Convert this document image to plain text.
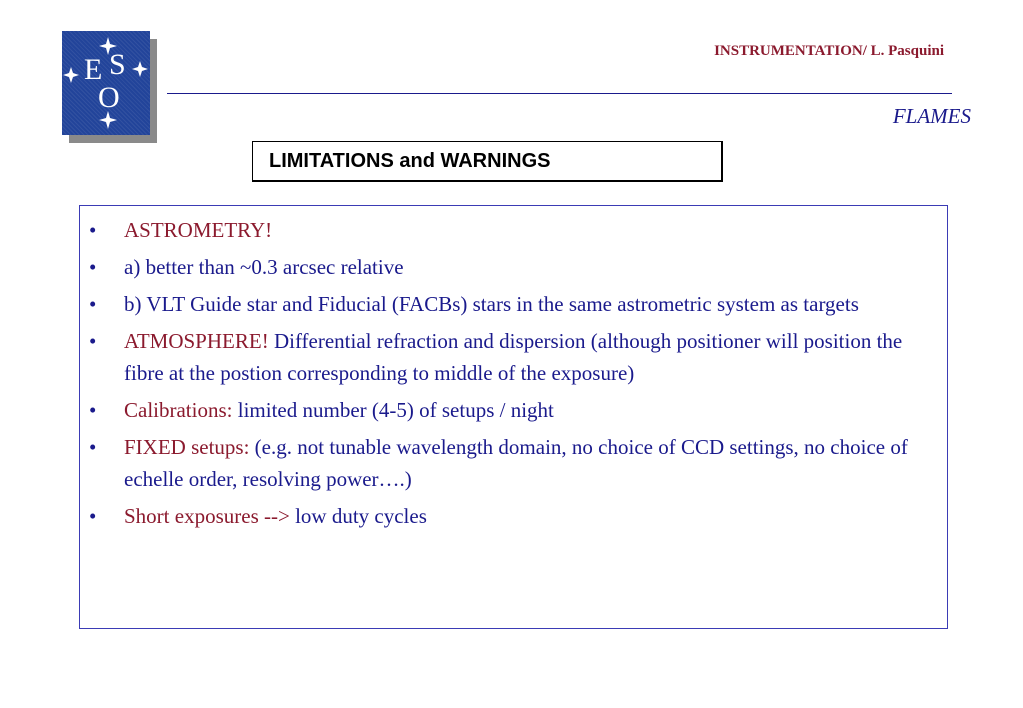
E S
O
INSTRUMENTATION/ L. Pasquini
FLAMES
LIMITATIONS and WARNINGS
• ASTROMETRY!
• a) better than ~0.3 arcsec relative
• b) VLT Guide star and Fiducial (FACBs) stars in the same astrometric system as targets
• ATMOSPHERE! Differential refraction and dispersion (although positioner will position the fibre at the postion corresponding to middle of the exposure)
• Calibrations: limited number (4-5) of setups / night
• FIXED setups: (e.g. not tunable wavelength domain, no choice of CCD settings, no choice of echelle order, resolving power….)
• Short exposures --> low duty cycles
